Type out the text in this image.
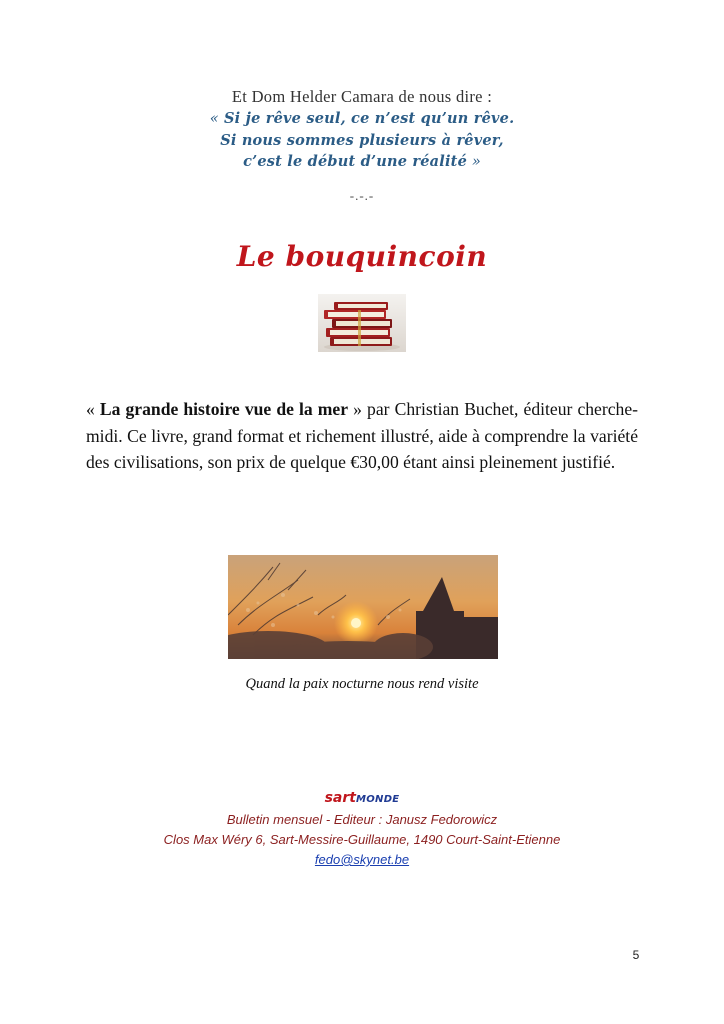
Et Dom Helder Camara de nous dire :
« Si je rêve seul, ce n’est qu’un rêve.
Si nous sommes plusieurs à rêver,
c’est le début d’une réalité »
-.-.-
Le bouquincoin
« La grande histoire vue de la mer » par Christian Buchet, éditeur cherche-midi. Ce livre, grand format et richement illustré, aide à comprendre la variété des civilisations, son prix de quelque €30,00 étant ainsi pleinement justifié.
Quand la paix nocturne nous rend visite
sartMONDE
Bulletin mensuel - Editeur : Janusz Fedorowicz
Clos Max Wéry 6, Sart-Messire-Guillaume, 1490 Court-Saint-Etienne
fedo@skynet.be
5
